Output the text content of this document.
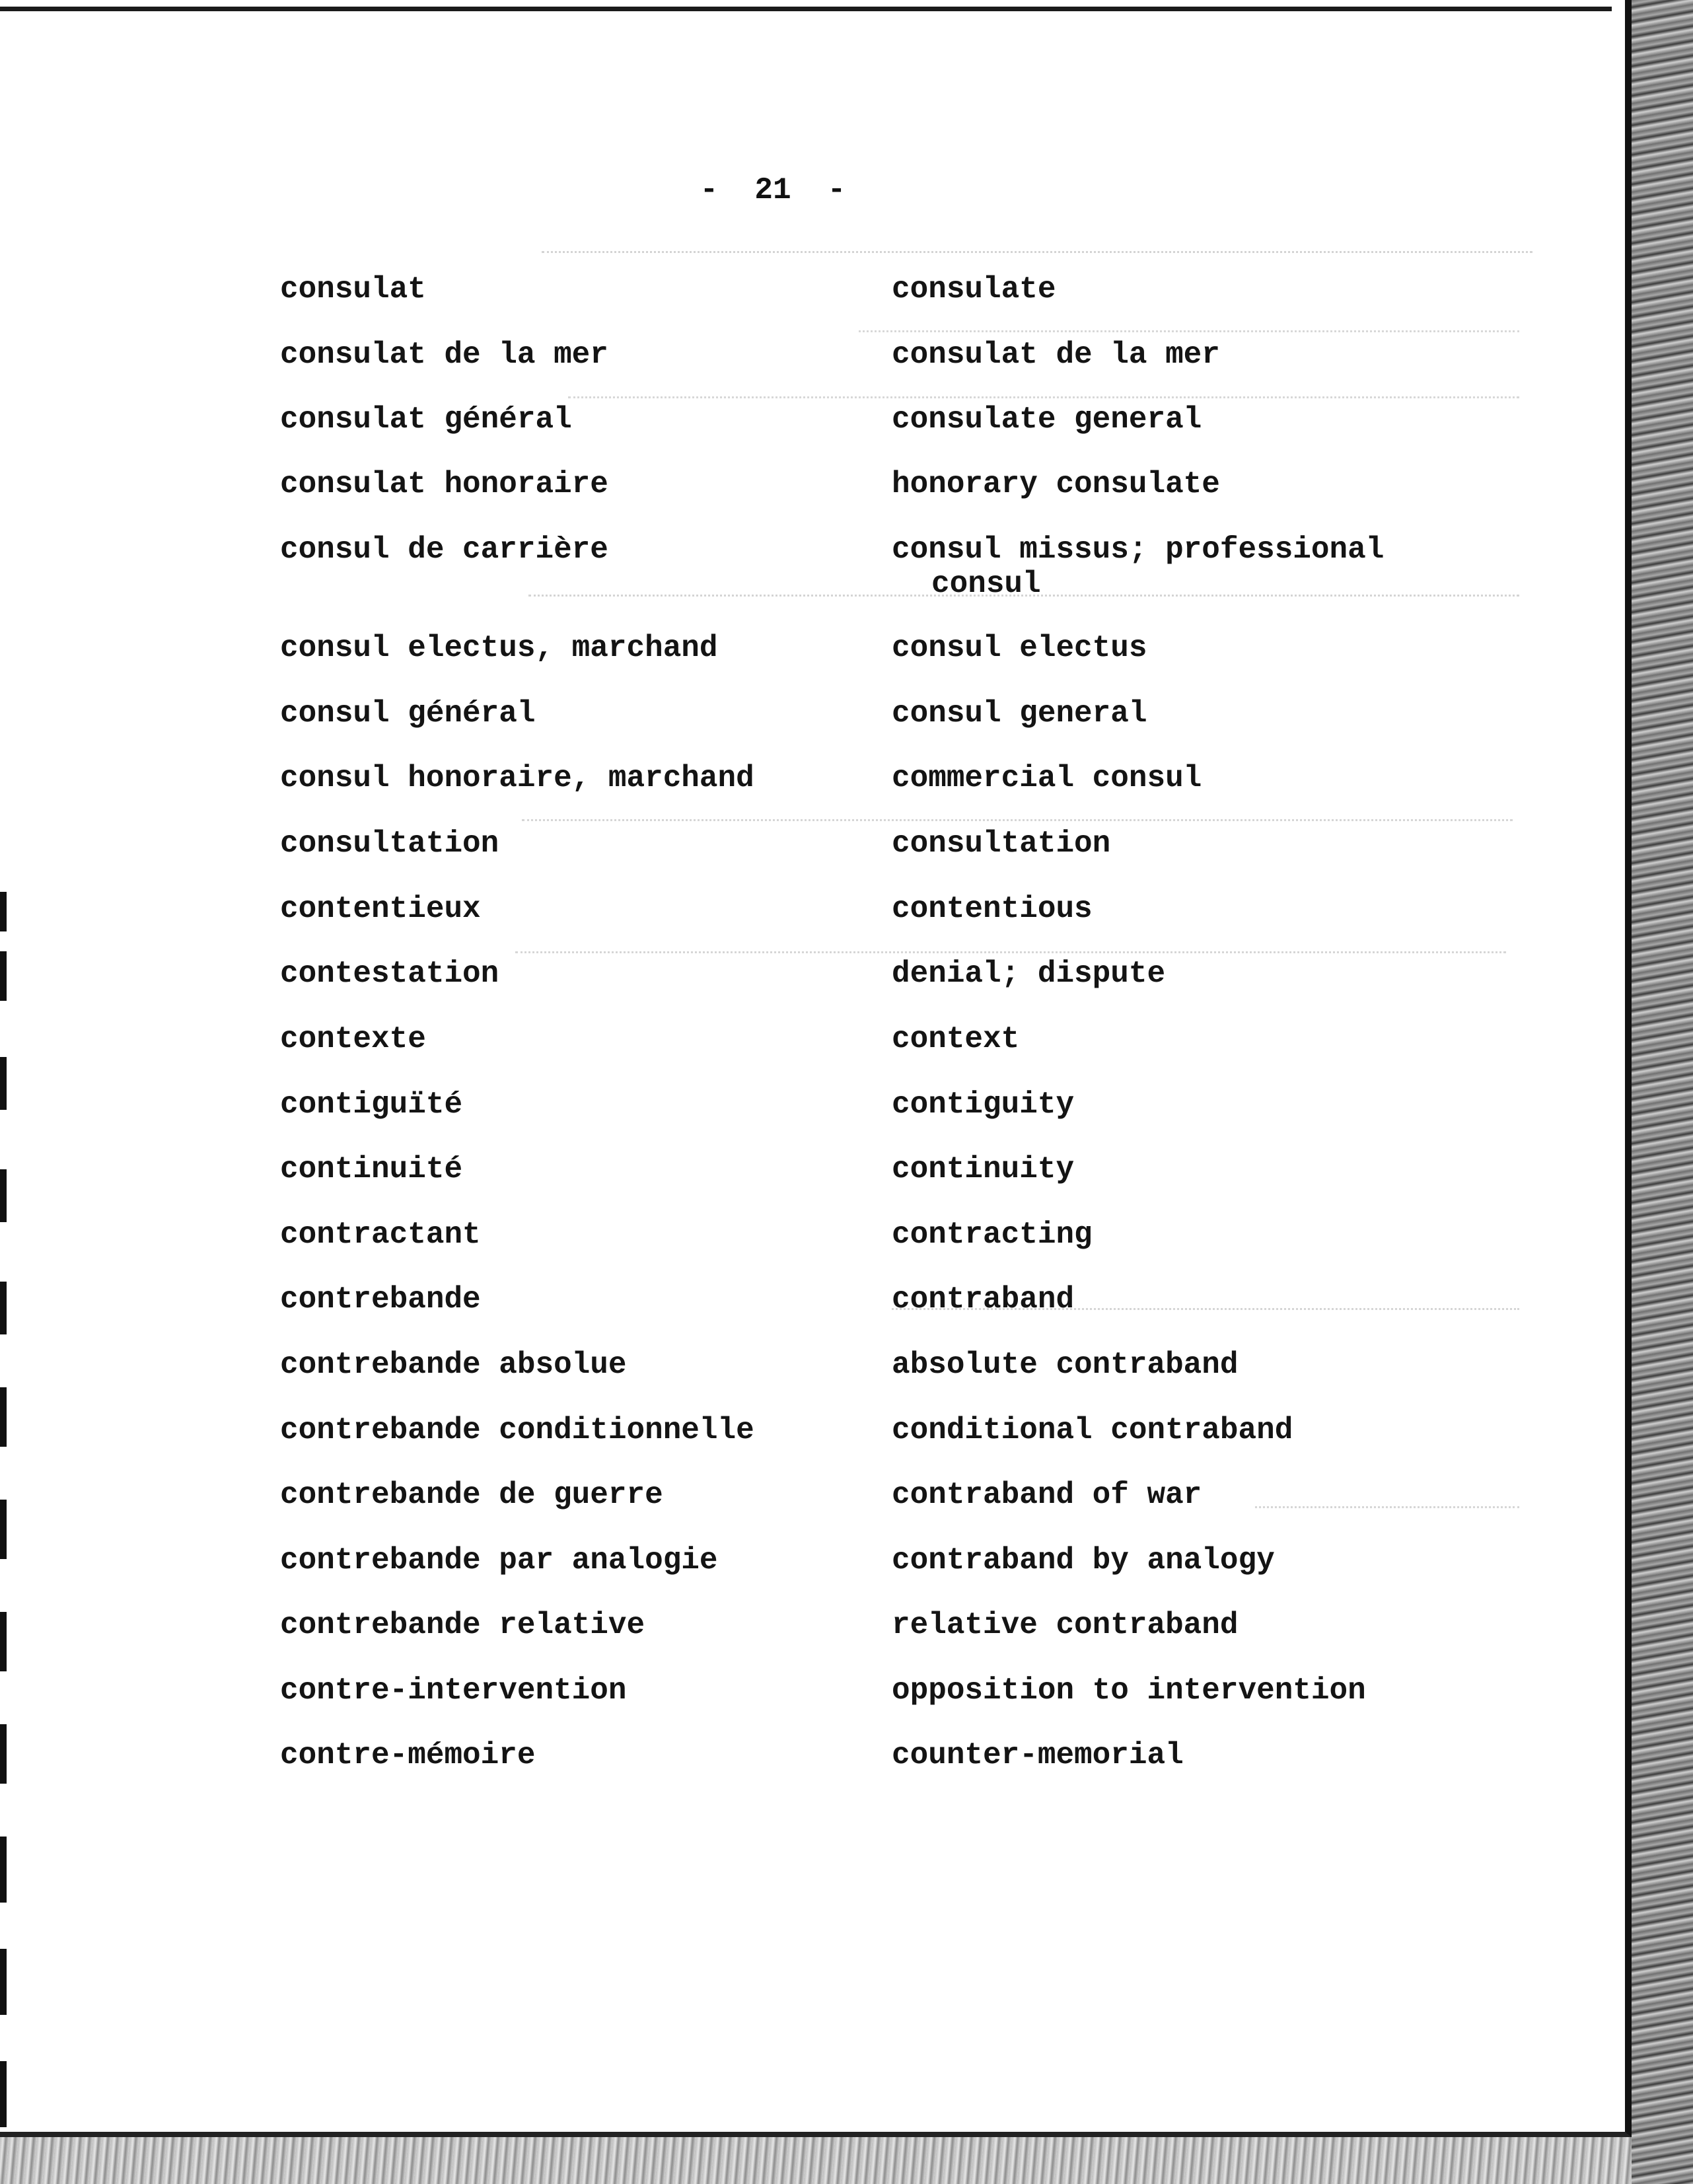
-  21  -
consulat	consulate
consulat de la mer	consulat de la mer
consulat général	consulate general
consulat honoraire	honorary consulate
consul de carrière	consul missus; professional
consul
consul electus, marchand	consul electus
consul général	consul general
consul honoraire, marchand	commercial consul
consultation	consultation
contentieux	contentious
contestation	denial; dispute
contexte	context
contiguïté	contiguity
continuité	continuity
contractant	contracting
contrebande	contraband
contrebande absolue	absolute contraband
contrebande conditionnelle	conditional contraband
contrebande de guerre	contraband of war
contrebande par analogie	contraband by analogy
contrebande relative	relative contraband
contre-intervention	opposition to intervention
contre-mémoire	counter-memorial
